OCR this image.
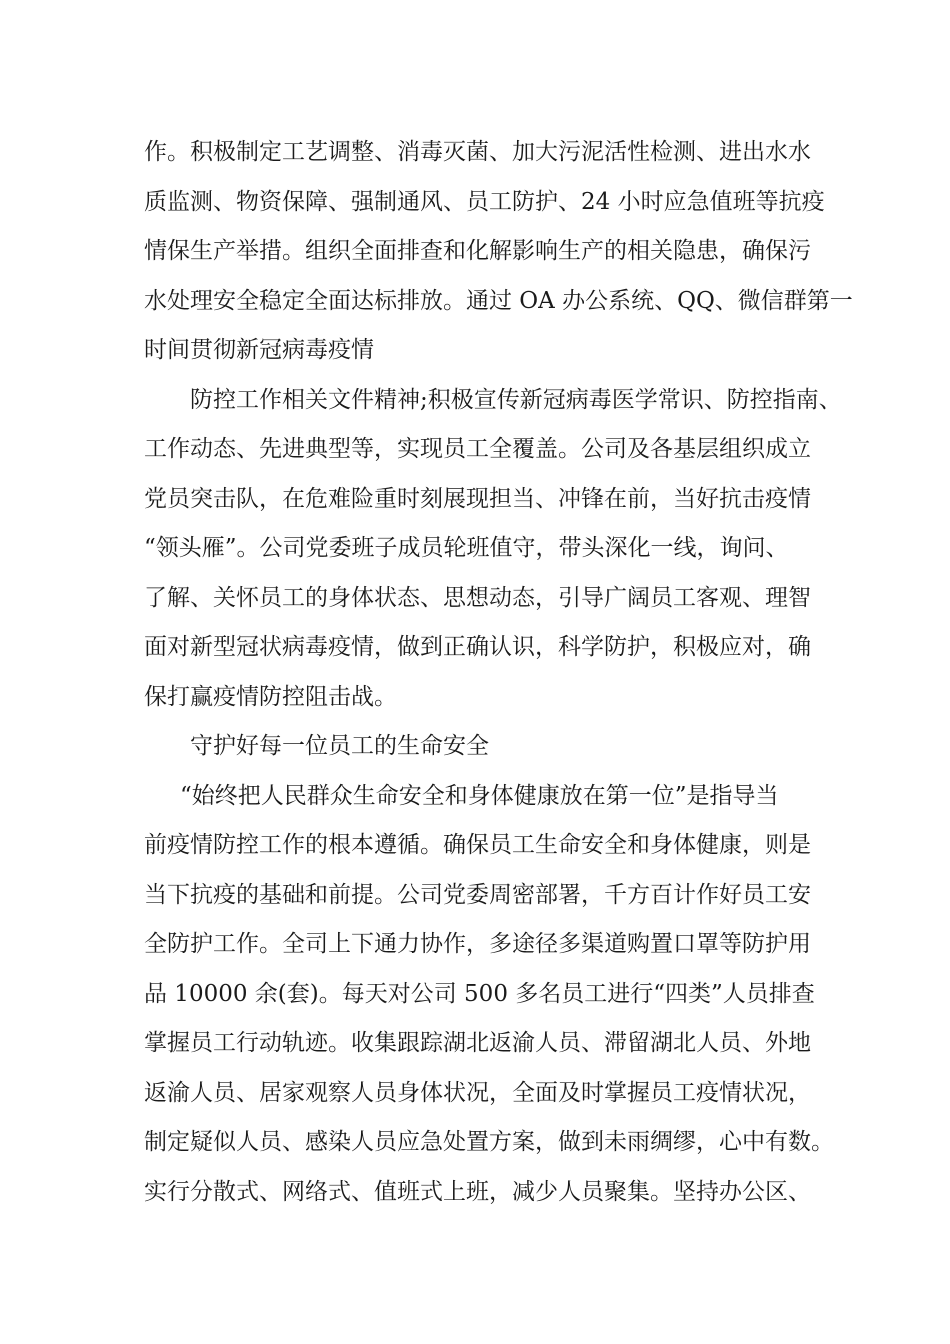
作。积极制定工艺调整、消毒灭菌、加大污泥活性检测、进出水水
质监测、物资保障、强制通风、员工防护、24 小时应急值班等抗疫
情保生产举措。组织全面排查和化解影响生产的相关隐患，确保污
水处理安全稳定全面达标排放。通过 OA 办公系统、QQ、微信群第一
时间贯彻新冠病毒疫情
防控工作相关文件精神;积极宣传新冠病毒医学常识、防控指南、
工作动态、先进典型等，实现员工全覆盖。公司及各基层组织成立
党员突击队，在危难险重时刻展现担当、冲锋在前，当好抗击疫情
“领头雁”。公司党委班子成员轮班值守，带头深化一线，询问、
了解、关怀员工的身体状态、思想动态，引导广阔员工客观、理智
面对新型冠状病毒疫情，做到正确认识，科学防护，积极应对，确
保打赢疫情防控阻击战。
守护好每一位员工的生命安全
“始终把人民群众生命安全和身体健康放在第一位”是指导当
前疫情防控工作的根本遵循。确保员工生命安全和身体健康，则是
当下抗疫的基础和前提。公司党委周密部署，千方百计作好员工安
全防护工作。全司上下通力协作，多途径多渠道购置口罩等防护用
品 10000 余(套)。每天对公司 500 多名员工进行“四类”人员排查
掌握员工行动轨迹。收集跟踪湖北返渝人员、滞留湖北人员、外地
返渝人员、居家观察人员身体状况，全面及时掌握员工疫情状况，
制定疑似人员、感染人员应急处置方案，做到未雨绸缪，心中有数。
实行分散式、网络式、值班式上班，减少人员聚集。坚持办公区、
